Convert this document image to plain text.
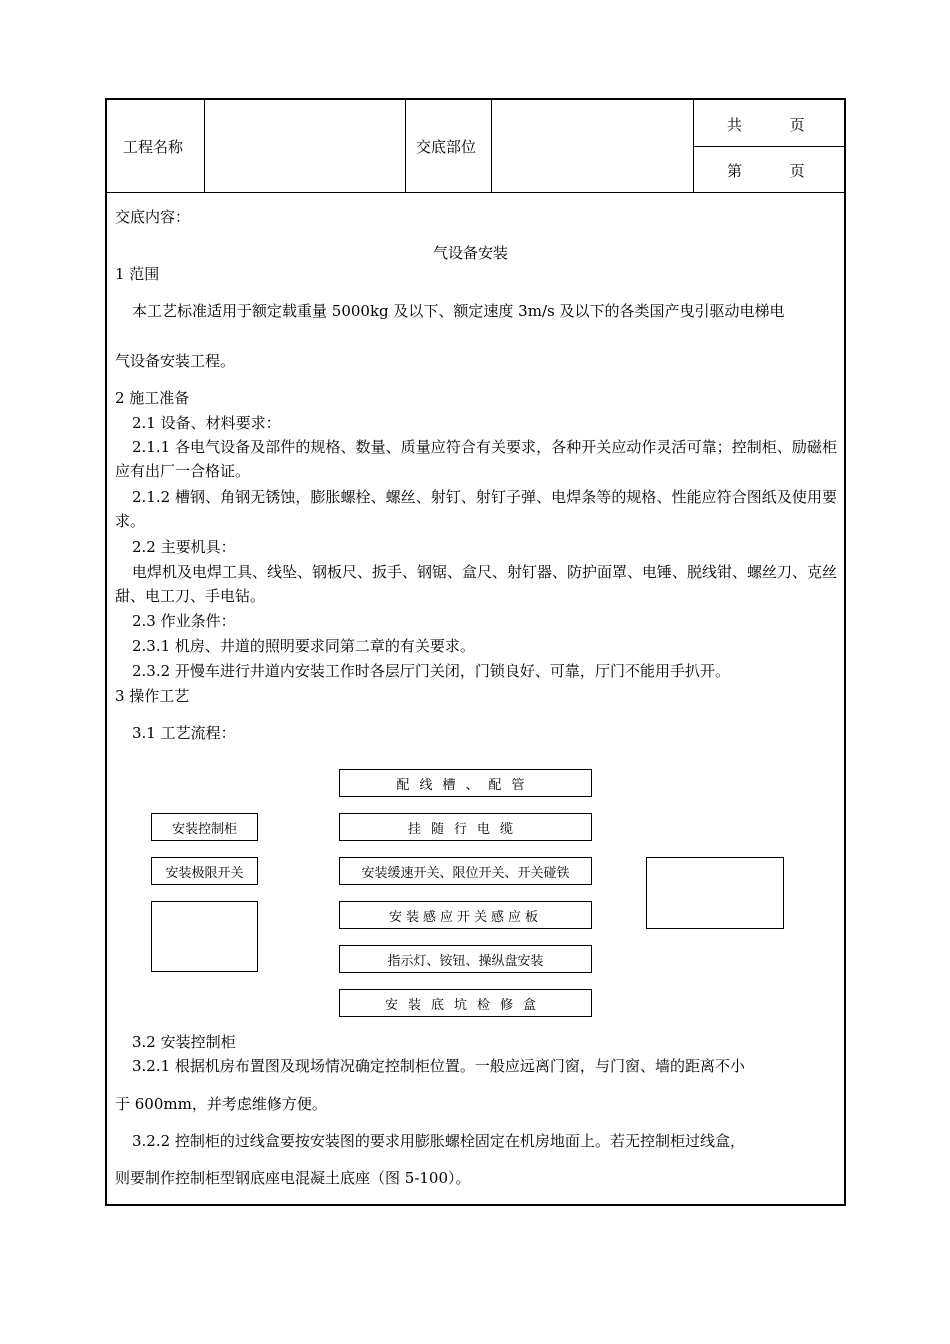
工程名称	交底部位
共          页
第          页
交底内容：
气设备安装
1 范围
本工艺标准适用于额定载重量 5000kg 及以下、额定速度 3m/s 及以下的各类国产曳引驱动电梯电
气设备安装工程。
2 施工准备
2.1 设备、材料要求：
2.1.1 各电气设备及部件的规格、数量、质量应符合有关要求，各种开关应动作灵活可靠；控制柜、励磁柜应有出厂一合格证。
2.1.2 槽钢、角钢无锈蚀，膨胀螺栓、螺丝、射钉、射钉子弹、电焊条等的规格、性能应符合图纸及使用要求。
2.2 主要机具：
电焊机及电焊工具、线坠、钢板尺、扳手、钢锯、盒尺、射钉器、防护面罩、电锤、脱线钳、螺丝刀、克丝甜、电工刀、手电钻。
2.3 作业条件：
2.3.1 机房、井道的照明要求同第二章的有关要求。
2.3.2 开慢车进行井道内安装工作时各层厅门关闭，门锁良好、可靠，厅门不能用手扒开。
3 操作工艺
3.1 工艺流程：
配线槽、配管
挂随行电缆
安装缓速开关、限位开关、开关碰铁
安装感应开关感应板
指示灯、铵钮、操纵盘安装
安装底坑检修盒
安装控制柜
安装极限开关
3.2 安装控制柜
3.2.1 根据机房布置图及现场情况确定控制柜位置。一般应远离门窗，与门窗、墙的距离不小
于 600mm，并考虑维修方便。
3.2.2 控制柜的过线盒要按安装图的要求用膨胀螺栓固定在机房地面上。若无控制柜过线盒，
则要制作控制柜型钢底座电混凝土底座（图 5-100）。
